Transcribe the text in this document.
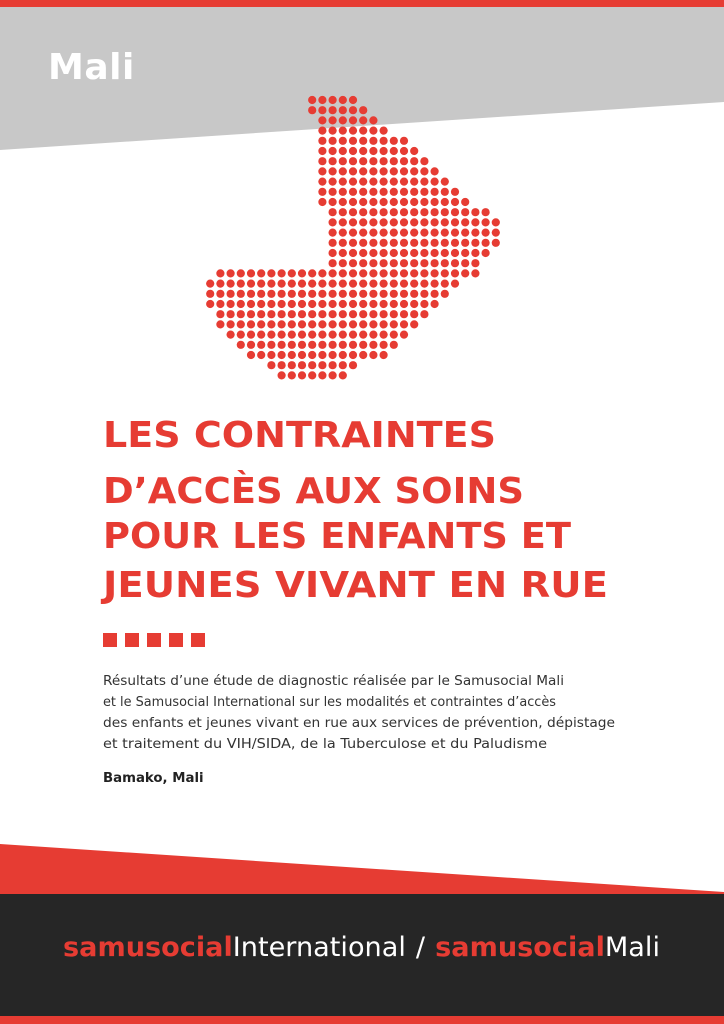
Mali
LES CONTRAINTES
D’ACCÈS AUX SOINS
POUR LES ENFANTS ET
JEUNES VIVANT EN RUE
Résultats d’une étude de diagnostic réalisée par le Samusocial Mali
et le Samusocial International sur les modalités et contraintes d’accès
des enfants et jeunes vivant en rue aux services de prévention, dépistage
et traitement du VIH/SIDA, de la Tuberculose et du Paludisme
Bamako, Mali
samusocialInternational / samusocialMali
